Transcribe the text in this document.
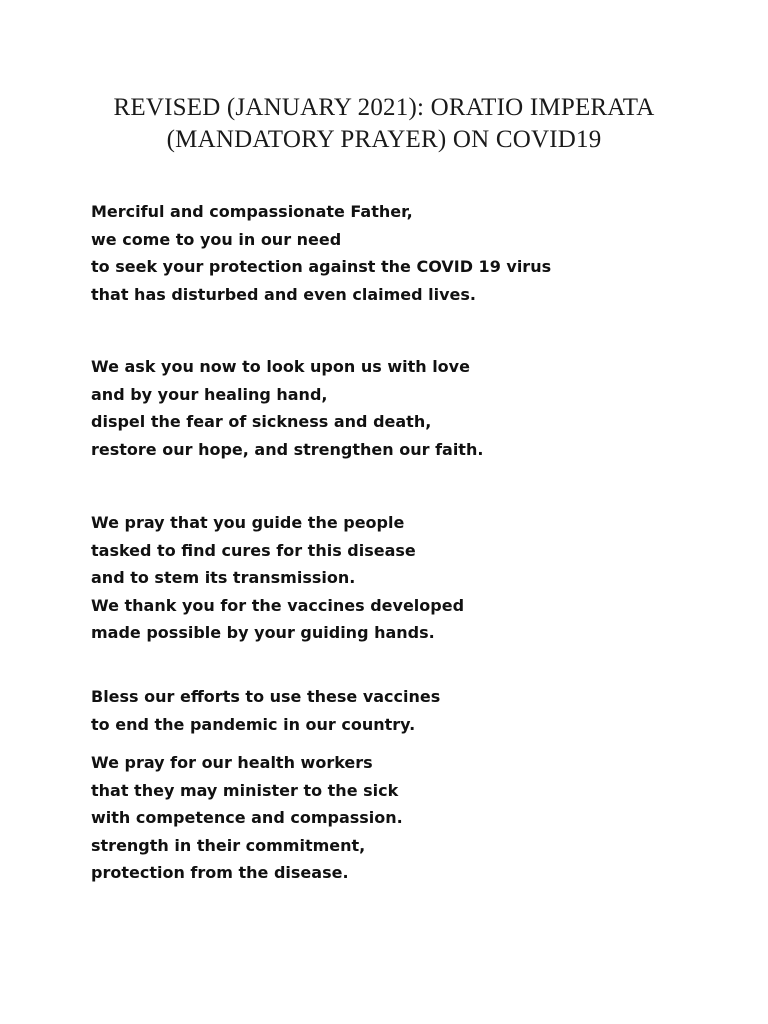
REVISED (JANUARY 2021): ORATIO IMPERATA
(MANDATORY PRAYER) ON COVID19
Merciful and compassionate Father,
we come to you in our need
to seek your protection against the COVID 19 virus
that has disturbed and even claimed lives.
We ask you now to look upon us with love
and by your healing hand,
dispel the fear of sickness and death,
restore our hope, and strengthen our faith.
We pray that you guide the people
tasked to find cures for this disease
and to stem its transmission.
We thank you for the vaccines developed
made possible by your guiding hands.
Bless our efforts to use these vaccines
to end the pandemic in our country.
We pray for our health workers
that they may minister to the sick
with competence and compassion.
strength in their commitment,
protection from the disease.
